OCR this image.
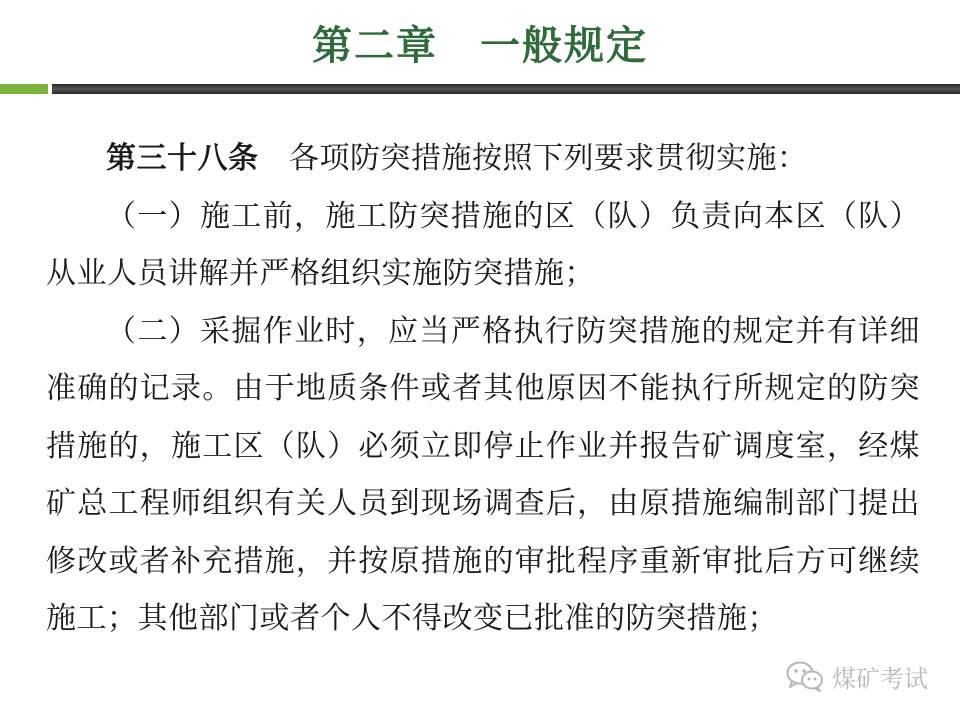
第二章　一般规定

第三十八条　各项防突措施按照下列要求贯彻实施：

（一）施工前，施工防突措施的区（队）负责向本区（队）从业人员讲解并严格组织实施防突措施；

（二）采掘作业时，应当严格执行防突措施的规定并有详细准确的记录。由于地质条件或者其他原因不能执行所规定的防突措施的，施工区（队）必须立即停止作业并报告矿调度室，经煤矿总工程师组织有关人员到现场调查后，由原措施编制部门提出修改或者补充措施，并按原措施的审批程序重新审批后方可继续施工；其他部门或者个人不得改变已批准的防突措施；

煤矿考试
